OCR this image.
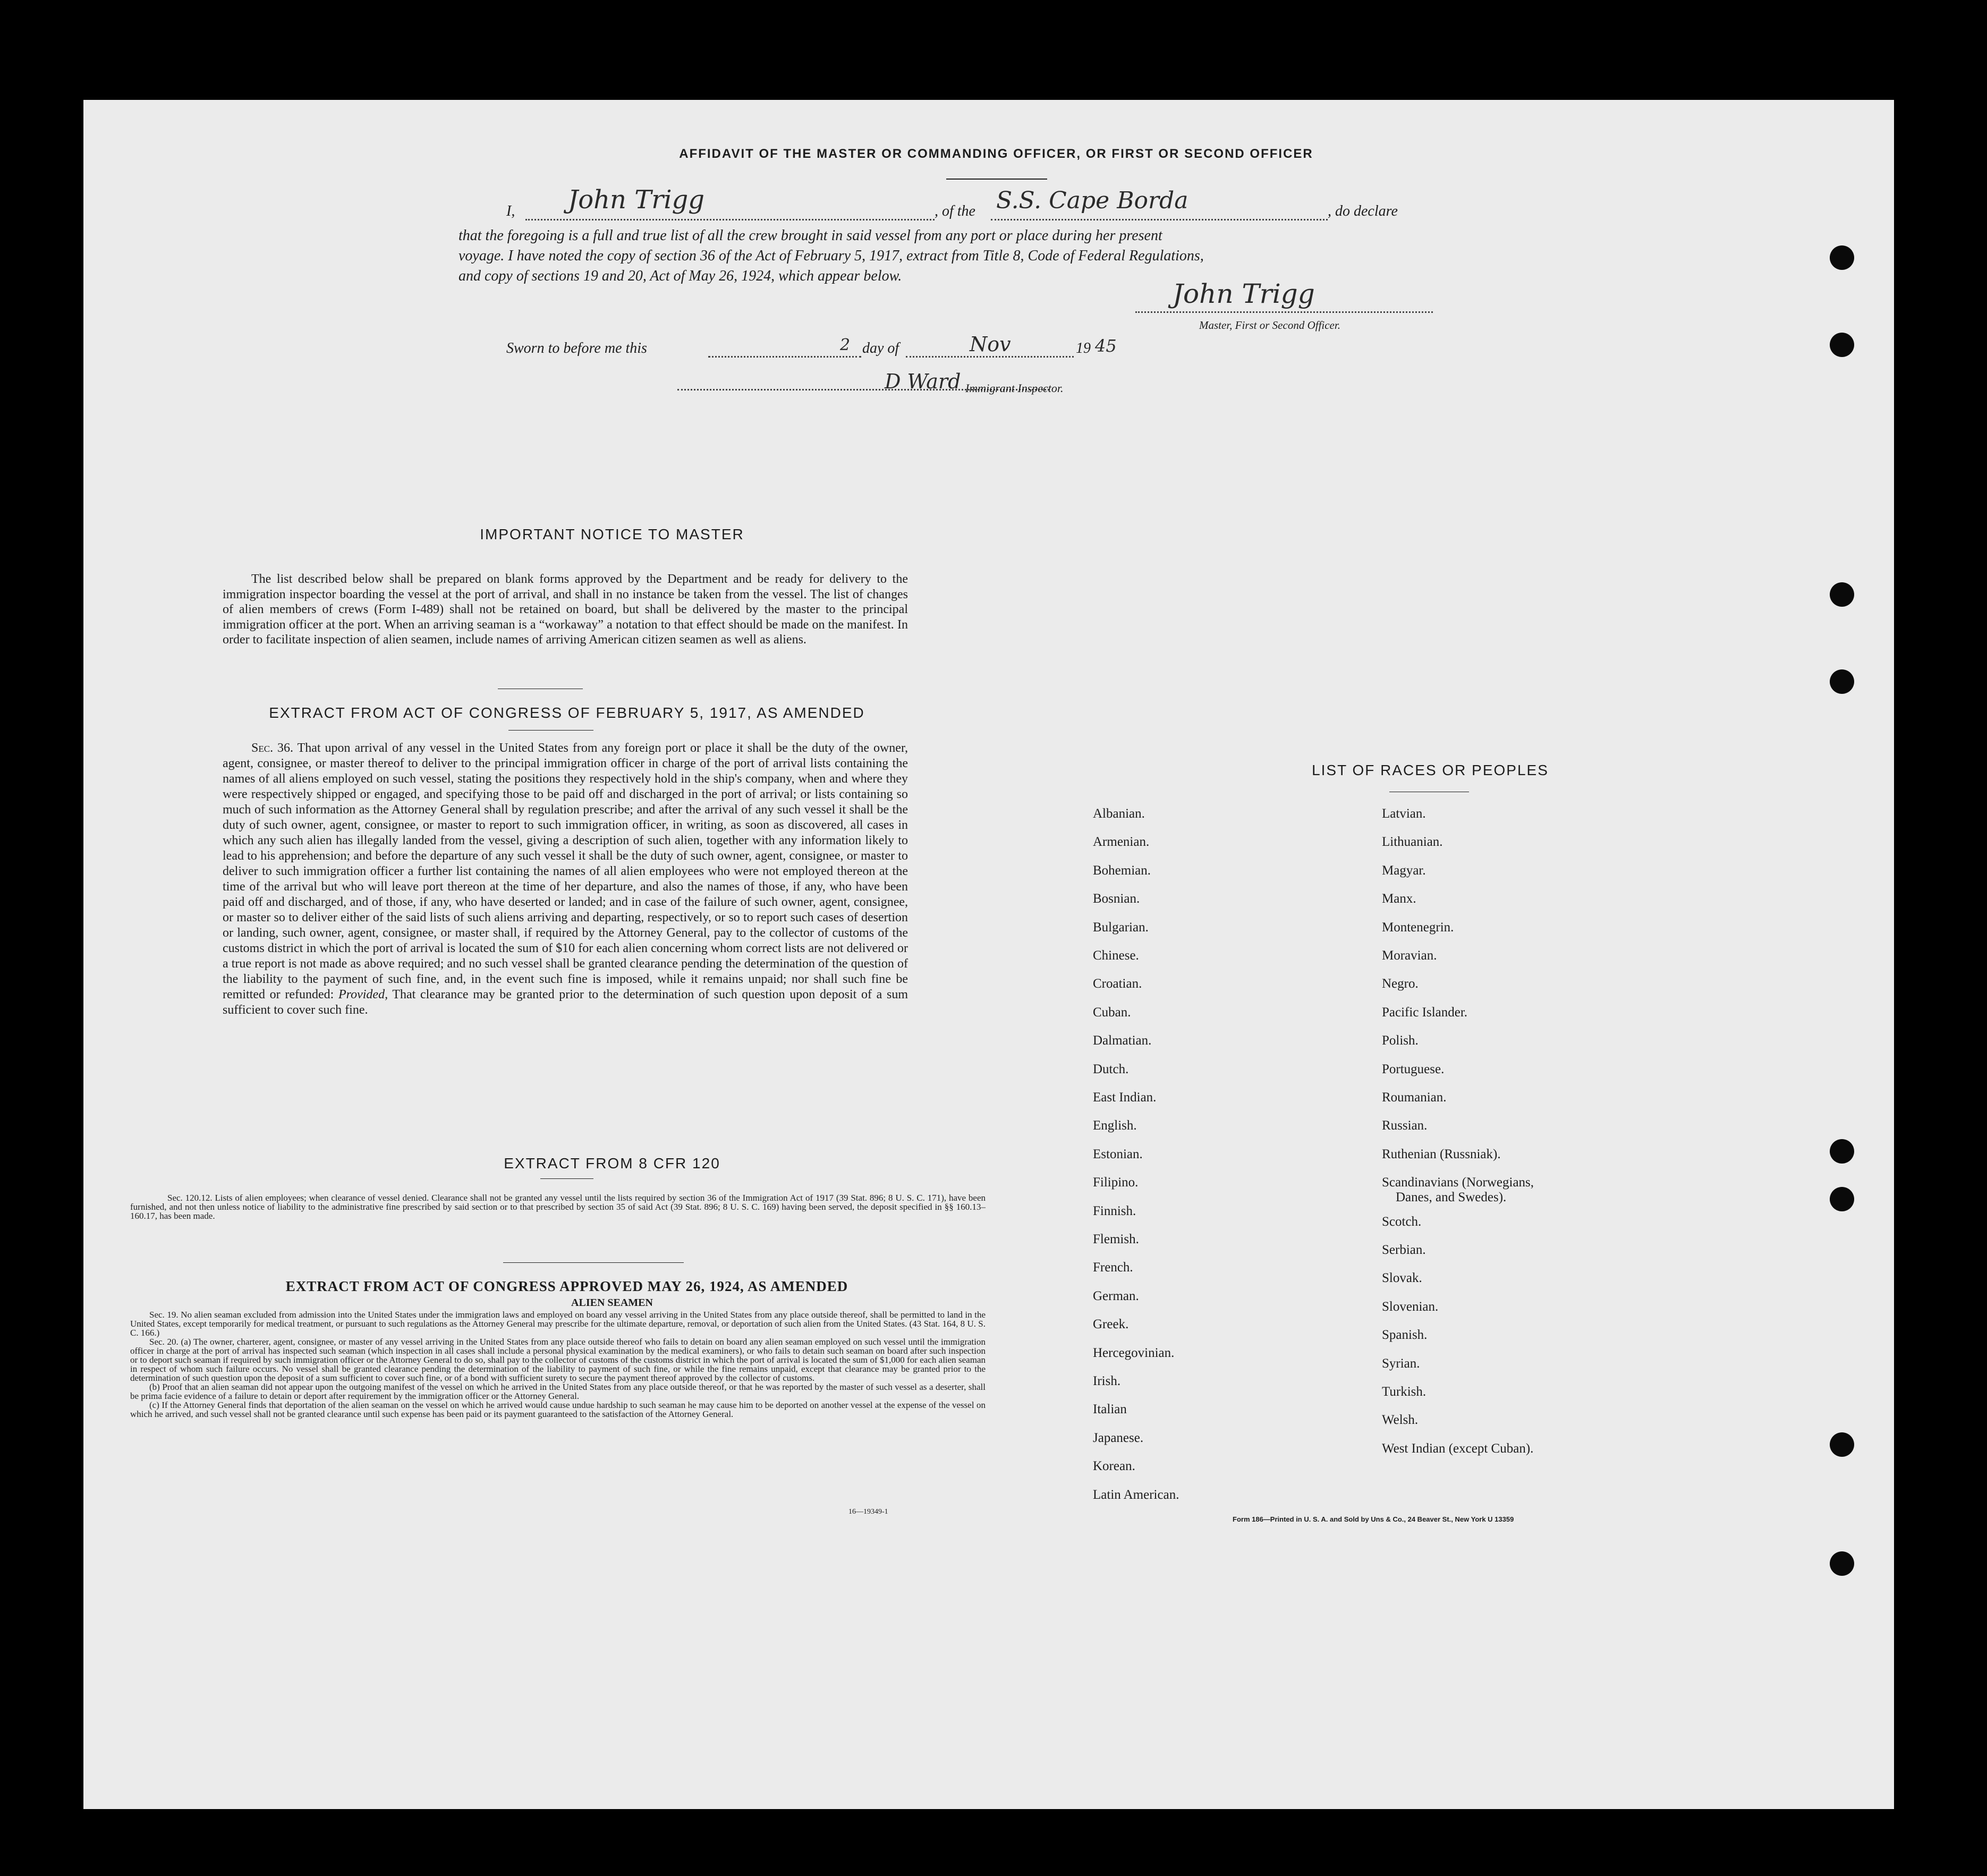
AFFIDAVIT OF THE MASTER OR COMMANDING OFFICER, OR FIRST OR SECOND OFFICER
I, John Trigg	, of the S.S. Cape Borda	, do declare
that the foregoing is a full and true list of all the crew brought in said vessel from any port or place during her present
voyage. I have noted the copy of section 36 of the Act of February 5, 1917, extract from Title 8, Code of Federal Regulations,
and copy of sections 19 and 20, Act of May 26, 1924, which appear below.
John Trigg
Master, First or Second Officer.
Sworn to before me this	2 day of	Nov	19 45
D Ward Immigrant Inspector.
IMPORTANT NOTICE TO MASTER
The list described below shall be prepared on blank forms approved by the Department and be ready for delivery to the immigration inspector boarding the vessel at the port of arrival, and shall in no instance be taken from the vessel. The list of changes of alien members of crews (Form I-489) shall not be retained on board, but shall be delivered by the master to the principal immigration officer at the port. When an arriving seaman is a “workaway” a notation to that effect should be made on the manifest. In order to facilitate inspection of alien seamen, include names of arriving American citizen seamen as well as aliens.
EXTRACT FROM ACT OF CONGRESS OF FEBRUARY 5, 1917, AS AMENDED
Sec. 36. That upon arrival of any vessel in the United States from any foreign port or place it shall be the duty of the owner, agent, consignee, or master thereof to deliver to the principal immigration officer in charge of the port of arrival lists containing the names of all aliens employed on such vessel, stating the positions they respectively hold in the ship's company, when and where they were respectively shipped or engaged, and specifying those to be paid off and discharged in the port of arrival; or lists containing so much of such information as the Attorney General shall by regulation prescribe; and after the arrival of any such vessel it shall be the duty of such owner, agent, consignee, or master to report to such immigration officer, in writing, as soon as discovered, all cases in which any such alien has illegally landed from the vessel, giving a description of such alien, together with any information likely to lead to his apprehension; and before the departure of any such vessel it shall be the duty of such owner, agent, consignee, or master to deliver to such immigration officer a further list containing the names of all alien employees who were not employed thereon at the time of the arrival but who will leave port thereon at the time of her departure, and also the names of those, if any, who have been paid off and discharged, and of those, if any, who have deserted or landed; and in case of the failure of such owner, agent, consignee, or master so to deliver either of the said lists of such aliens arriving and departing, respectively, or so to report such cases of desertion or landing, such owner, agent, consignee, or master shall, if required by the Attorney General, pay to the collector of customs of the customs district in which the port of arrival is located the sum of $10 for each alien concerning whom correct lists are not delivered or a true report is not made as above required; and no such vessel shall be granted clearance pending the determination of the question of the liability to the payment of such fine, and, in the event such fine is imposed, while it remains unpaid; nor shall such fine be remitted or refunded: Provided, That clearance may be granted prior to the determination of such question upon deposit of a sum sufficient to cover such fine.
EXTRACT FROM 8 CFR 120
Sec. 120.12. Lists of alien employees; when clearance of vessel denied. Clearance shall not be granted any vessel until the lists required by section 36 of the Immigration Act of 1917 (39 Stat. 896; 8 U. S. C. 171), have been furnished, and not then unless notice of liability to the administrative fine prescribed by said section or to that prescribed by section 35 of said Act (39 Stat. 896; 8 U. S. C. 169) having been served, the deposit specified in §§ 160.13–160.17, has been made.
EXTRACT FROM ACT OF CONGRESS APPROVED MAY 26, 1924, AS AMENDED
ALIEN SEAMEN
Sec. 19. No alien seaman excluded from admission into the United States under the immigration laws and employed on board any vessel arriving in the United States from any place outside thereof, shall be permitted to land in the United States, except temporarily for medical treatment, or pursuant to such regulations as the Attorney General may prescribe for the ultimate departure, removal, or deportation of such alien from the United States. (43 Stat. 164, 8 U. S. C. 166.)
Sec. 20. (a) The owner, charterer, agent, consignee, or master of any vessel arriving in the United States from any place outside thereof who fails to detain on board any alien seaman employed on such vessel until the immigration officer in charge at the port of arrival has inspected such seaman (which inspection in all cases shall include a personal physical examination by the medical examiners), or who fails to detain such seaman on board after such inspection or to deport such seaman if required by such immigration officer or the Attorney General to do so, shall pay to the collector of customs of the customs district in which the port of arrival is located the sum of $1,000 for each alien seaman in respect of whom such failure occurs. No vessel shall be granted clearance pending the determination of the liability to payment of such fine, or while the fine remains unpaid, except that clearance may be granted prior to the determination of such question upon the deposit of a sum sufficient to cover such fine, or of a bond with sufficient surety to secure the payment thereof approved by the collector of customs.
(b) Proof that an alien seaman did not appear upon the outgoing manifest of the vessel on which he arrived in the United States from any place outside thereof, or that he was reported by the master of such vessel as a deserter, shall be prima facie evidence of a failure to detain or deport after requirement by the immigration officer or the Attorney General.
(c) If the Attorney General finds that deportation of the alien seaman on the vessel on which he arrived would cause undue hardship to such seaman he may cause him to be deported on another vessel at the expense of the vessel on which he arrived, and such vessel shall not be granted clearance until such expense has been paid or its payment guaranteed to the satisfaction of the Attorney General.
16—19349-1
LIST OF RACES OR PEOPLES
Form 186—Printed in U. S. A. and Sold by Uns & Co., 24 Beaver St., New York U 13359
Albanian.
Armenian.
Bohemian.
Bosnian.
Bulgarian.
Chinese.
Croatian.
Cuban.
Dalmatian.
Dutch.
East Indian.
English.
Estonian.
Filipino.
Finnish.
Flemish.
French.
German.
Greek.
Hercegovinian.
Irish.
Italian
Japanese.
Korean.
Latin American.
Latvian.
Lithuanian.
Magyar.
Manx.
Montenegrin.
Moravian.
Negro.
Pacific Islander.
Polish.
Portuguese.
Roumanian.
Russian.
Ruthenian (Russniak).
Scandinavians (Norwegians,
Danes, and Swedes).
Scotch.
Serbian.
Slovak.
Slovenian.
Spanish.
Syrian.
Turkish.
Welsh.
West Indian (except Cuban).
